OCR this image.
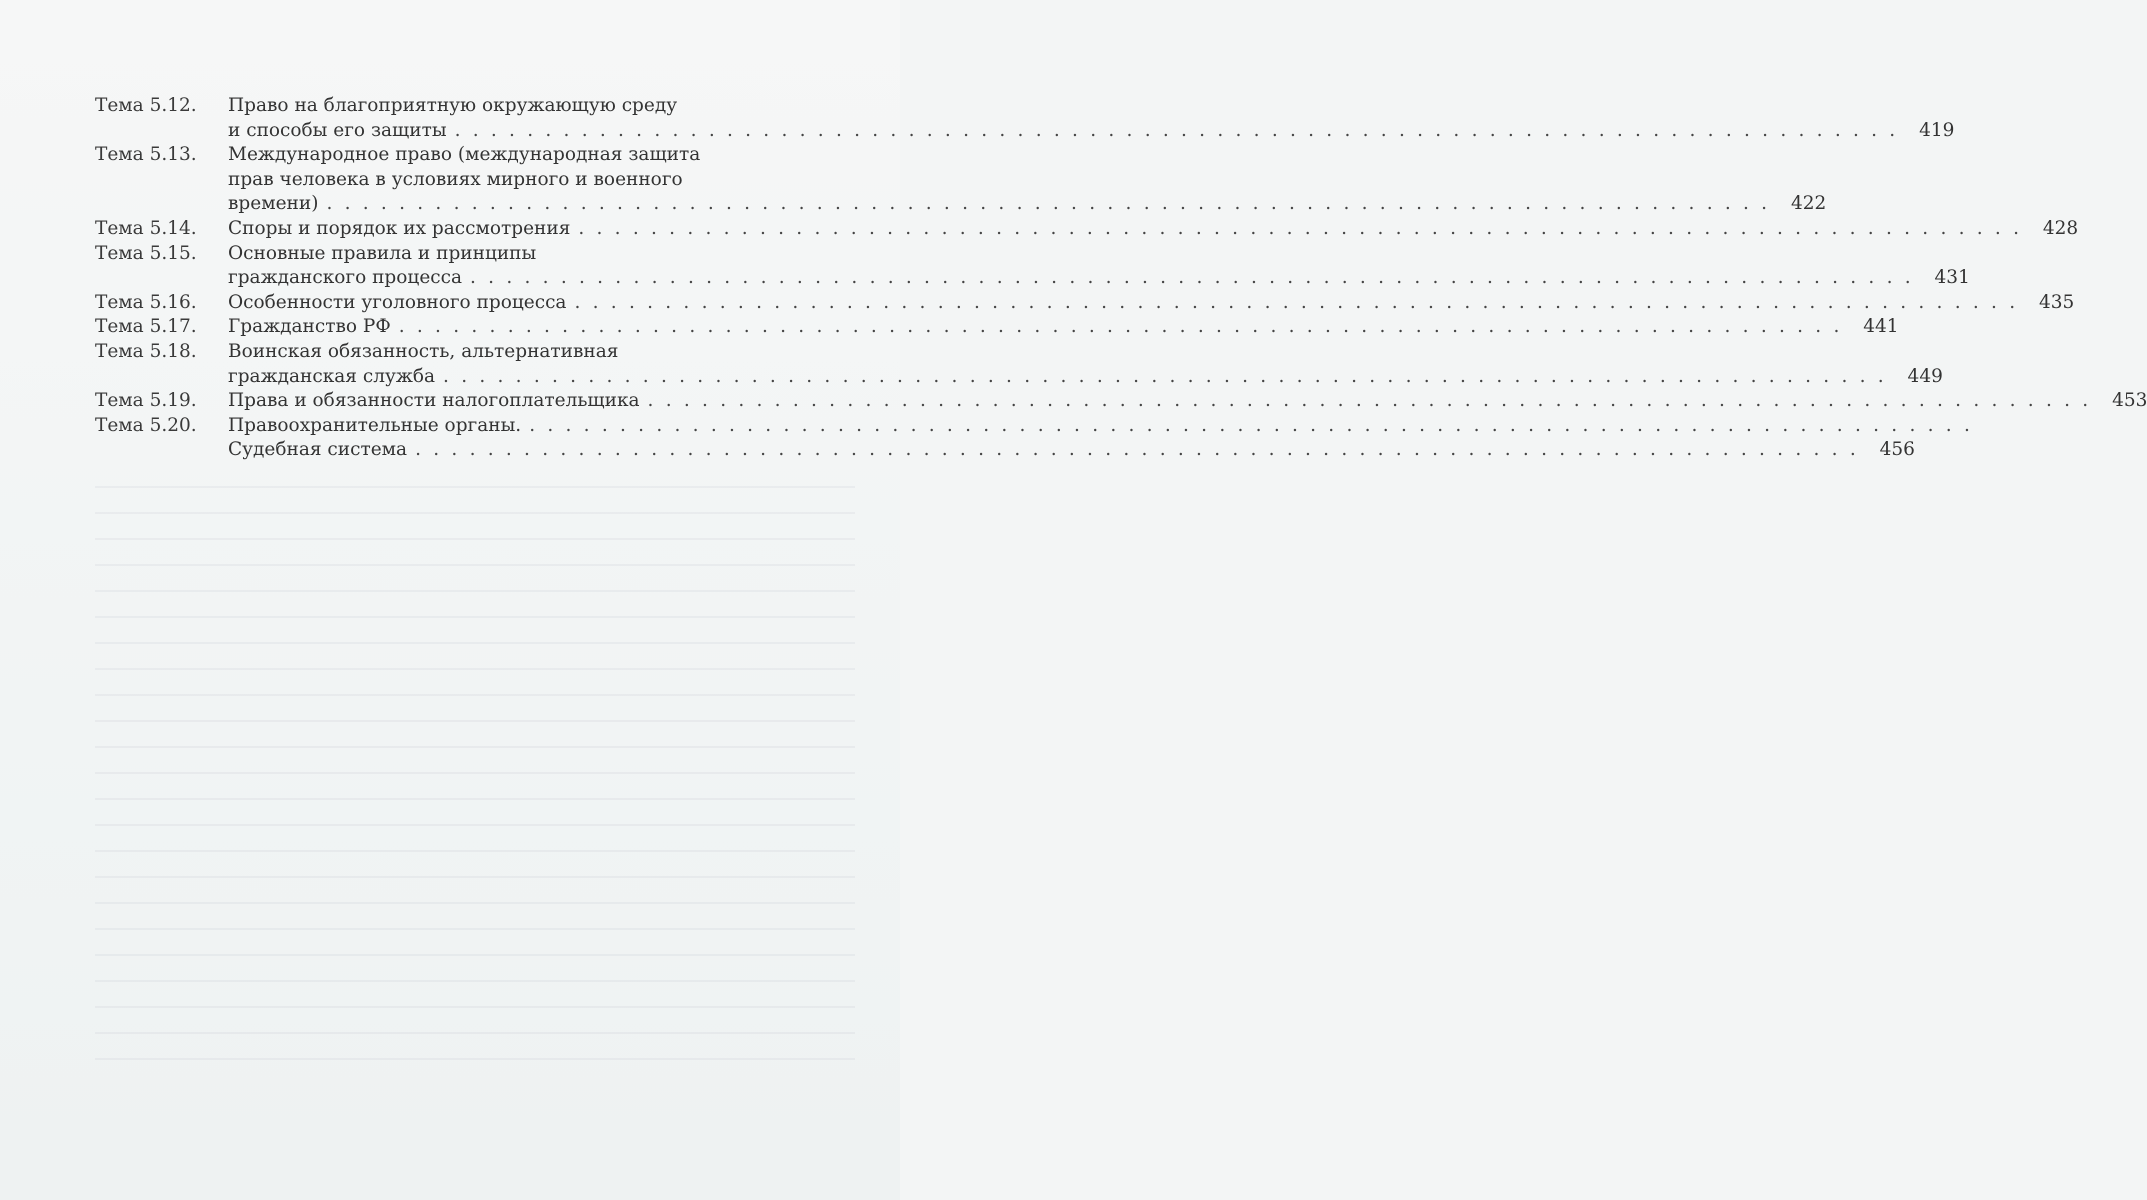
Тема 5.12.	Право на благоприятную окружающую среду
и способы его защиты . . . . . . . . . . . . . . . . . . . . . . . . . . . . . . . . . . . . . . . . . . . . . . . . . . . . . . . . . . . . . . . . . . . . . . . . . . . . . . . .	419
Тема 5.13.	Международное право (международная защита
прав человека в условиях мирного и военного
времени) . . . . . . . . . . . . . . . . . . . . . . . . . . . . . . . . . . . . . . . . . . . . . . . . . . . . . . . . . . . . . . . . . . . . . . . . . . . . . . . .	422
Тема 5.14.	Споры и порядок их рассмотрения . . . . . . . . . . . . . . . . . . . . . . . . . . . . . . . . . . . . . . . . . . . . . . . . . . . . . . . . . . . . . . . . . . . . . . . . . . . . . . . .	428
Тема 5.15.	Основные правила и принципы
гражданского процесса . . . . . . . . . . . . . . . . . . . . . . . . . . . . . . . . . . . . . . . . . . . . . . . . . . . . . . . . . . . . . . . . . . . . . . . . . . . . . . . .	431
Тема 5.16.	Особенности уголовного процесса . . . . . . . . . . . . . . . . . . . . . . . . . . . . . . . . . . . . . . . . . . . . . . . . . . . . . . . . . . . . . . . . . . . . . . . . . . . . . . . .	435
Тема 5.17.	Гражданство РФ . . . . . . . . . . . . . . . . . . . . . . . . . . . . . . . . . . . . . . . . . . . . . . . . . . . . . . . . . . . . . . . . . . . . . . . . . . . . . . . .	441
Тема 5.18.	Воинская обязанность, альтернативная
гражданская служба . . . . . . . . . . . . . . . . . . . . . . . . . . . . . . . . . . . . . . . . . . . . . . . . . . . . . . . . . . . . . . . . . . . . . . . . . . . . . . . .	449
Тема 5.19.	Права и обязанности налогоплательщика . . . . . . . . . . . . . . . . . . . . . . . . . . . . . . . . . . . . . . . . . . . . . . . . . . . . . . . . . . . . . . . . . . . . . . . . . . . . . . . .	453
Тема 5.20.	Правоохранительные органы. . . . . . . . . . . . . . . . . . . . . . . . . . . . . . . . . . . . . . . . . . . . . . . . . . . . . . . . . . . . . . . . . . . . . . . . . . . . . . . . .
Судебная система . . . . . . . . . . . . . . . . . . . . . . . . . . . . . . . . . . . . . . . . . . . . . . . . . . . . . . . . . . . . . . . . . . . . . . . . . . . . . . . .	456
